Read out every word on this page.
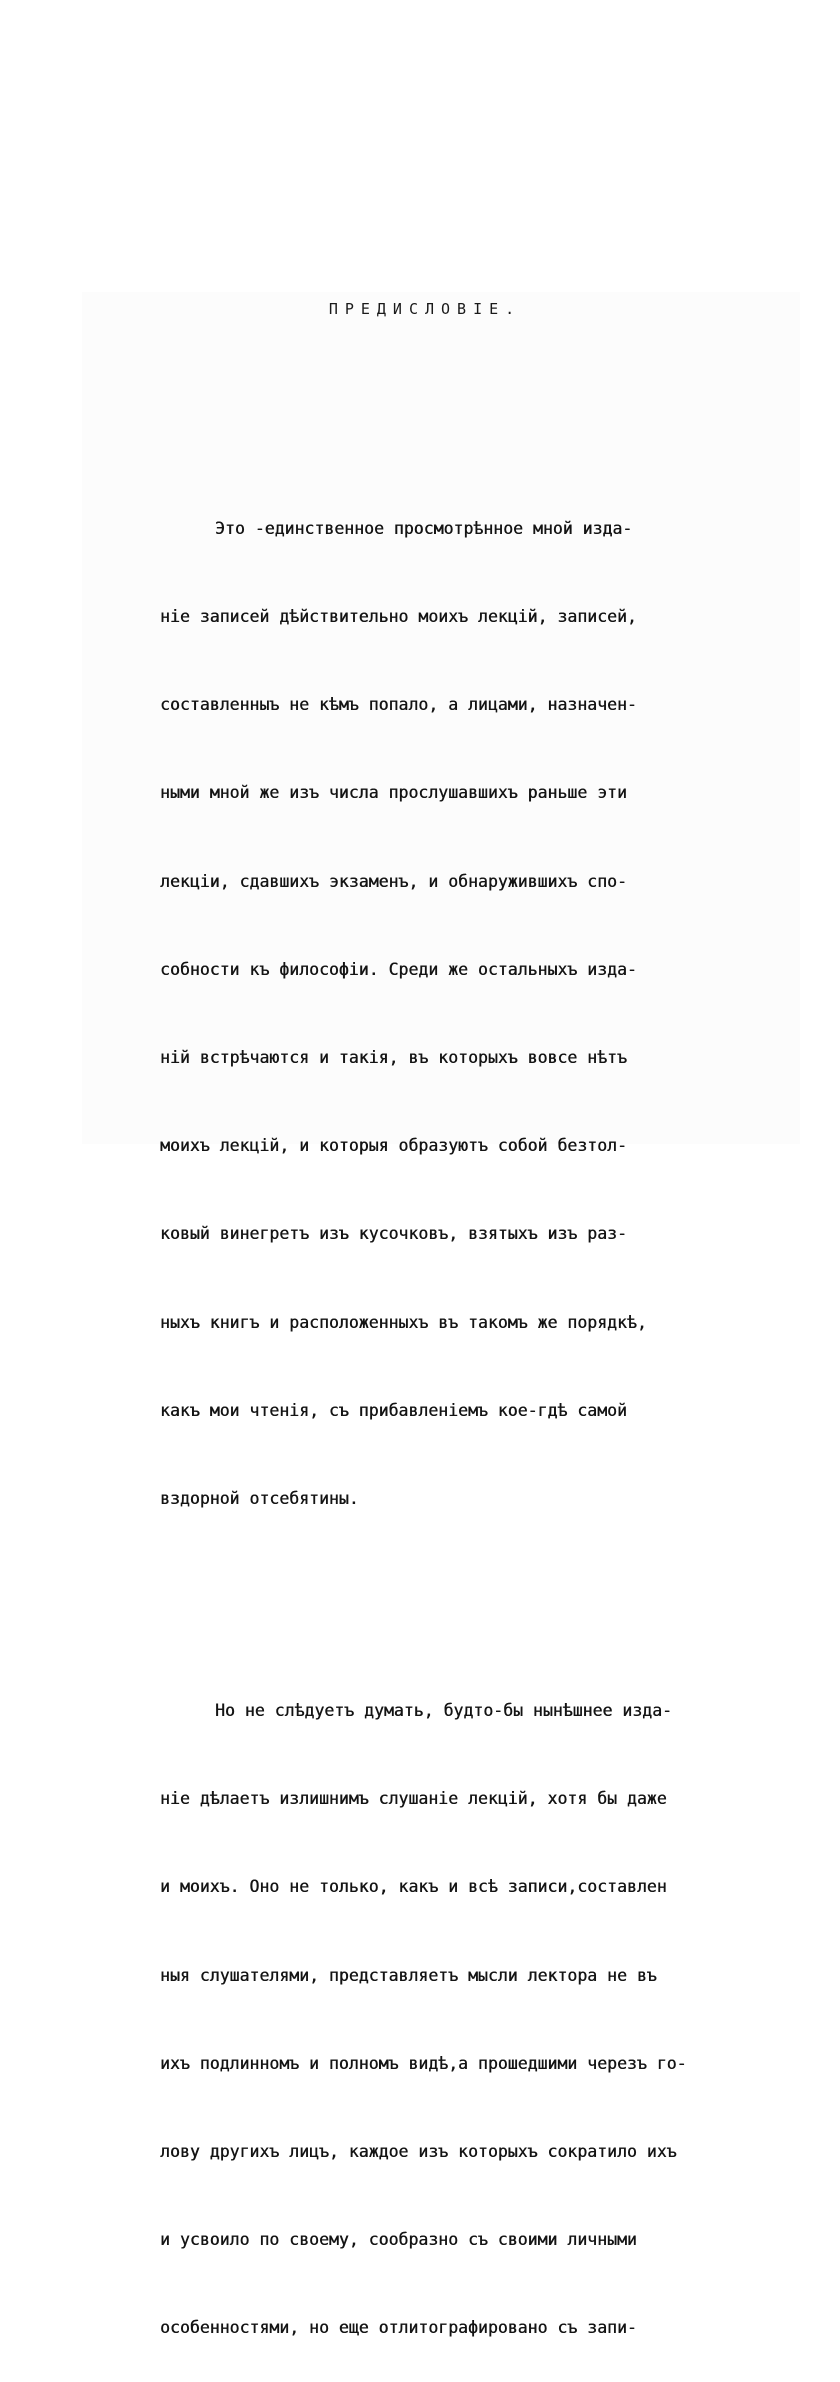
ПРЕДИСЛОВIЕ.

Это -единственное просмотрѣнное мной изда-

нiе записей дѣйствительно моихъ лекцiй, записей,

составленныъ не кѣмъ попало, а лицами, назначен-

ными мной же изъ числа прослушавшихъ раньше эти

лекцiи, сдавшихъ экзаменъ, и обнаружившихъ спо-

собности къ философiи. Среди же остальныхъ изда-

нiй встрѣчаются и такiя, въ которыхъ вовсе нѣтъ

моихъ лекцiй, и которыя образуютъ собой безтол-

ковый винегретъ изъ кусочковъ, взятыхъ изъ раз-

ныхъ книгъ и расположенныхъ въ такомъ же порядкѣ,

какъ мои чтенiя, съ прибавленiемъ кое-гдѣ самой

вздорной отсебятины.

Но не слѣдуетъ думать, будто-бы нынѣшнее изда-

нiе дѣлаетъ излишнимъ слушанiе лекцiй, хотя бы даже

и моихъ. Оно не только, какъ и всѣ записи,составлен

ныя слушателями, представляетъ мысли лектора не въ

ихъ подлинномъ и полномъ видѣ,а прошедшими черезъ го-

лову другихъ лицъ, каждое изъ которыхъ сократило ихъ

и усвоило по своему, сообразно съ своими личными

особенностями, но еще отлитографировано съ запи-
